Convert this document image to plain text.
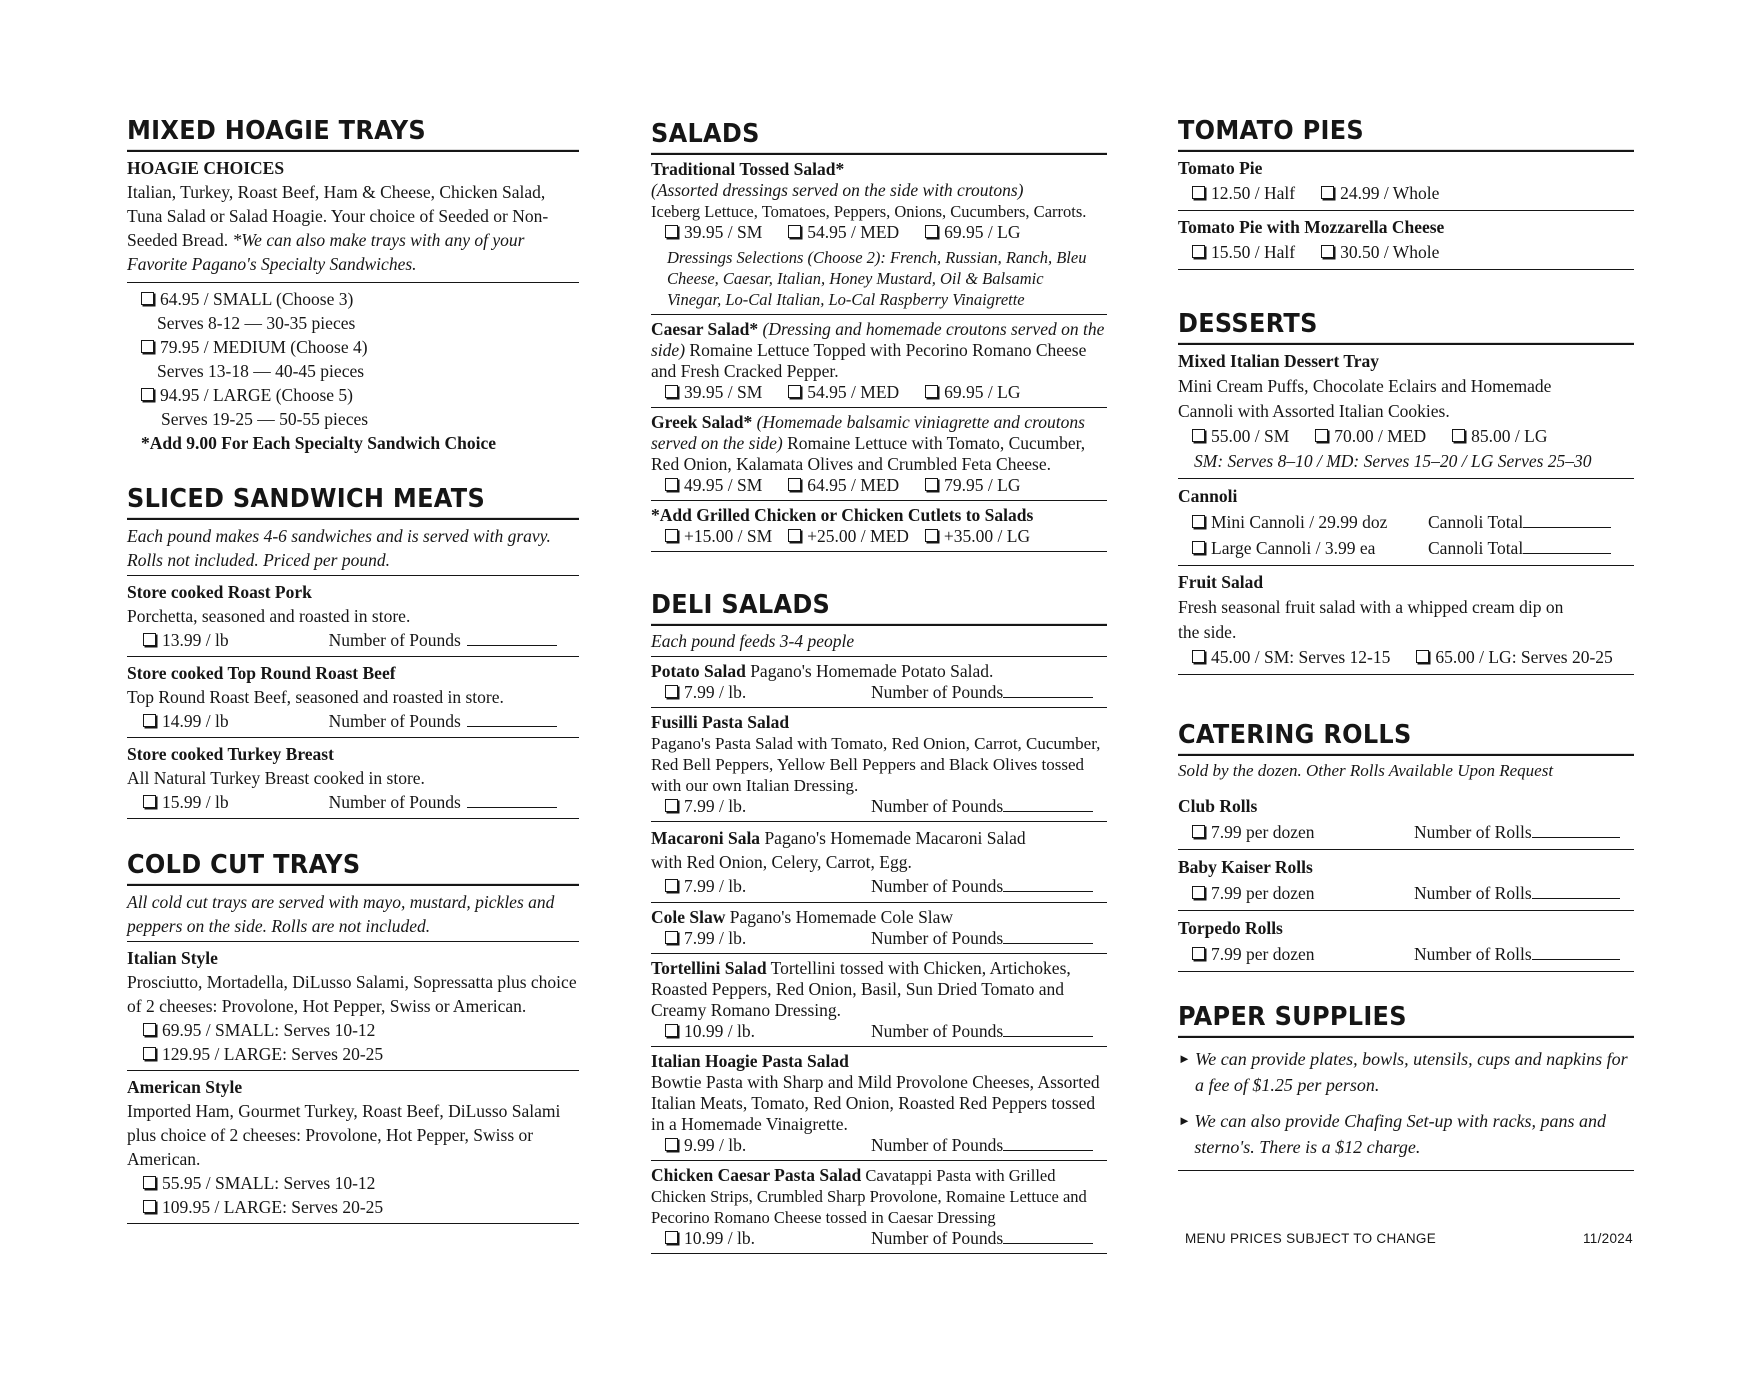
MIXED HOAGIE TRAYS
HOAGIE CHOICES
Italian, Turkey, Roast Beef, Ham & Cheese, Chicken Salad, Tuna Salad or Salad Hoagie. Your choice of Seeded or Non-Seeded Bread. *We can also make trays with any of your Favorite Pagano's Specialty Sandwiches.
64.95 / SMALL (Choose 3)
Serves 8-12 — 30-35 pieces
79.95 / MEDIUM (Choose 4)
Serves 13-18 — 40-45 pieces
94.95 / LARGE (Choose 5)
Serves 19-25 — 50-55 pieces
*Add 9.00 For Each Specialty Sandwich Choice
SLICED SANDWICH MEATS
Each pound makes 4-6 sandwiches and is served with gravy. Rolls not included. Priced per pound.
Store cooked Roast Pork
Porchetta, seasoned and roasted in store.
13.99 / lb	Number of Pounds
Store cooked Top Round Roast Beef
Top Round Roast Beef, seasoned and roasted in store.
14.99 / lb	Number of Pounds
Store cooked Turkey Breast
All Natural Turkey Breast cooked in store.
15.99 / lb	Number of Pounds
COLD CUT TRAYS
All cold cut trays are served with mayo, mustard, pickles and peppers on the side. Rolls are not included.
Italian Style
Prosciutto, Mortadella, DiLusso Salami, Sopressatta plus choice of 2 cheeses: Provolone, Hot Pepper, Swiss or American.
69.95 / SMALL: Serves 10-12
129.95 / LARGE: Serves 20-25
American Style
Imported Ham, Gourmet Turkey, Roast Beef, DiLusso Salami plus choice of 2 cheeses: Provolone, Hot Pepper, Swiss or American.
55.95 / SMALL: Serves 10-12
109.95 / LARGE: Serves 20-25
SALADS
Traditional Tossed Salad*
(Assorted dressings served on the side with croutons)
Iceberg Lettuce, Tomatoes, Peppers, Onions, Cucumbers, Carrots.
39.95 / SM	54.95 / MED	69.95 / LG
Dressings Selections (Choose 2): French, Russian, Ranch, Bleu Cheese, Caesar, Italian, Honey Mustard, Oil & Balsamic Vinegar, Lo-Cal Italian, Lo-Cal Raspberry Vinaigrette
Caesar Salad* (Dressing and homemade croutons served on the side) Romaine Lettuce Topped with Pecorino Romano Cheese and Fresh Cracked Pepper.
39.95 / SM	54.95 / MED	69.95 / LG
Greek Salad* (Homemade balsamic viniagrette and croutons served on the side) Romaine Lettuce with Tomato, Cucumber, Red Onion, Kalamata Olives and Crumbled Feta Cheese.
49.95 / SM	64.95 / MED	79.95 / LG
*Add Grilled Chicken or Chicken Cutlets to Salads
+15.00 / SM +25.00 / MED +35.00 / LG
DELI SALADS
Each pound feeds 3-4 people
Potato Salad Pagano's Homemade Potato Salad.
7.99 / lb.	Number of Pounds
Fusilli Pasta Salad
Pagano's Pasta Salad with Tomato, Red Onion, Carrot, Cucumber, Red Bell Peppers, Yellow Bell Peppers and Black Olives tossed with our own Italian Dressing.
7.99 / lb.	Number of Pounds
Macaroni Sala Pagano's Homemade Macaroni Salad with Red Onion, Celery, Carrot, Egg.
7.99 / lb.	Number of Pounds
Cole Slaw Pagano's Homemade Cole Slaw
7.99 / lb.	Number of Pounds
Tortellini Salad Tortellini tossed with Chicken, Artichokes, Roasted Peppers, Red Onion, Basil, Sun Dried Tomato and Creamy Romano Dressing.
10.99 / lb.	Number of Pounds
Italian Hoagie Pasta Salad
Bowtie Pasta with Sharp and Mild Provolone Cheeses, Assorted Italian Meats, Tomato, Red Onion, Roasted Red Peppers tossed in a Homemade Vinaigrette.
9.99 / lb.	Number of Pounds
Chicken Caesar Pasta Salad Cavatappi Pasta with Grilled Chicken Strips, Crumbled Sharp Provolone, Romaine Lettuce and Pecorino Romano Cheese tossed in Caesar Dressing
10.99 / lb.	Number of Pounds
TOMATO PIES
Tomato Pie
12.50 / Half	24.99 / Whole
Tomato Pie with Mozzarella Cheese
15.50 / Half	30.50 / Whole
DESSERTS
Mixed Italian Dessert Tray
Mini Cream Puffs, Chocolate Eclairs and Homemade Cannoli with Assorted Italian Cookies.
55.00 / SM	70.00 / MED	85.00 / LG
SM: Serves 8–10 / MD: Serves 15–20 / LG Serves 25–30
Cannoli
Mini Cannoli / 29.99 doz Cannoli Total
Large Cannoli / 3.99 ea	Cannoli Total
Fruit Salad
Fresh seasonal fruit salad with a whipped cream dip on the side.
45.00 / SM: Serves 12-15	65.00 / LG: Serves 20-25
CATERING ROLLS
Sold by the dozen. Other Rolls Available Upon Request
Club Rolls
7.99 per dozen	Number of Rolls
Baby Kaiser Rolls
7.99 per dozen	Number of Rolls
Torpedo Rolls
7.99 per dozen	Number of Rolls
PAPER SUPPLIES
► We can provide plates, bowls, utensils, cups and napkins for a fee of $1.25 per person.
► We can also provide Chafing Set-up with racks, pans and sterno's. There is a $12 charge.
MENU PRICES SUBJECT TO CHANGE	11/2024
